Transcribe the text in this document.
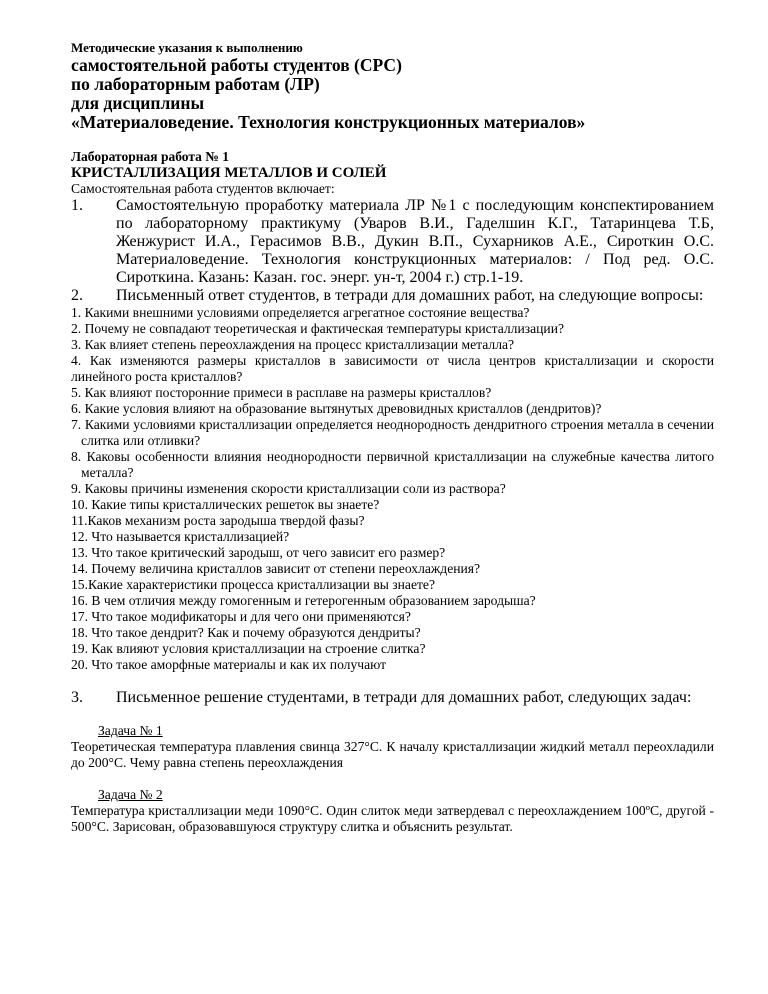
Методические указания к выполнению

самостоятельной работы студентов (СРС)

по лабораторным работам (ЛР)

для дисциплины

«Материаловедение. Технология конструкционных материалов»

Лабораторная работа № 1
КРИСТАЛЛИЗАЦИЯ МЕТАЛЛОВ И СОЛЕЙ

Самостоятельная работа студентов включает:

1.	Самостоятельную проработку материала ЛР №1 с последующим конспектированием по лабораторному практикуму (Уваров В.И., Гаделшин К.Г., Татаринцева Т.Б, Женжурист И.А., Герасимов В.В., Дукин В.П., Сухарников А.Е., Сироткин О.С. Материаловедение. Технология конструкционных материалов: / Под ред. О.С. Сироткина. Казань: Казан. гос. энерг. ун-т, 2004 г.) стр.1-19.
2.	Письменный ответ студентов, в тетради для домашних работ, на следующие вопросы:

1. Какими внешними условиями определяется агрегатное состояние вещества?

2. Почему не совпадают теоретическая и фактическая температуры кристаллизации?

3. Как влияет степень переохлаждения на процесс кристаллизации металла?

4. Как изменяются размеры кристаллов в зависимости от числа центров кристаллизации и скорости линейного роста кристаллов?

5. Как влияют посторонние примеси в расплаве на размеры кристаллов?

6. Какие условия влияют на образование вытянутых древовидных кристаллов (дендритов)?

7. Какими условиями кристаллизации определяется неоднородность дендритного строения металла в сечении слитка или отливки?

8. Каковы особенности влияния неоднородности первичной кристаллизации на служебные качества литого металла?

9. Каковы причины изменения скорости кристаллизации соли из раствора?

10. Какие типы кристаллических решеток вы знаете?

11.Каков механизм роста зародыша твердой фазы?

12. Что называется кристаллизацией?

13. Что такое критический зародыш, от чего зависит его размер?

14. Почему величина кристаллов зависит от степени переохлаждения?

15.Какие характеристики процесса кристаллизации вы знаете?

16. В чем отличия между гомогенным и гетерогенным образованием зародыша?

17. Что такое модификаторы и для чего они применяются?

18. Что такое дендрит? Как и почему образуются дендриты?

19. Как влияют условия кристаллизации на строение слитка?

20. Что такое аморфные материалы и как их получают

3.	Письменное решение студентами, в тетради для домашних работ, следующих задач:
Задача № 1
Теоретическая температура плавления свинца 327°С. К началу кристаллизации жидкий металл переохладили до 200°С. Чему равна степень переохлаждения
Задача № 2
Температура кристаллизации меди 1090°С. Один слиток меди затвердевал с переохлаждением 100ºС, другой - 500°С. Зарисован, образовавшуюся структуру слитка и объяснить результат.
